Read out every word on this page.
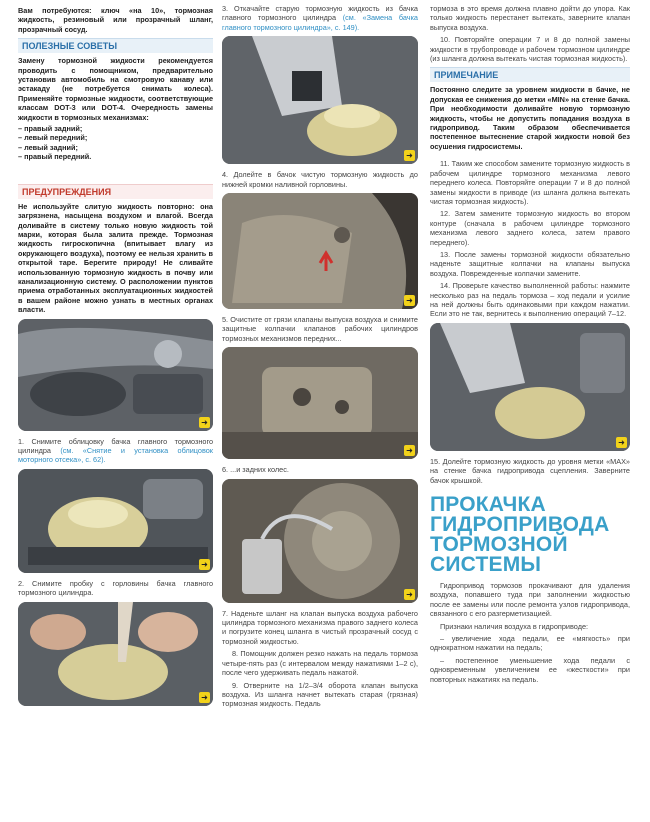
Вам потребуются: ключ «на 10», тормозная жидкость, резиновый или прозрачный шланг, прозрачный сосуд.

ПОЛЕЗНЫЕ СОВЕТЫ

Замену тормозной жидкости рекомендуется проводить с помощником, предварительно установив автомобиль на смотровую канаву или эстакаду (не потребуется снимать колеса). Применяйте тормозные жидкости, соответствующие классам DOT-3 или DOT-4. Очередность замены жидкости в тормозных механизмах:

– правый задний;

– левый передний;

– левый задний;

– правый передний.

ПРЕДУПРЕЖДЕНИЯ

Не используйте слитую жидкость повторно: она загрязнена, насыщена воздухом и влагой. Всегда доливайте в систему только новую жидкость той марки, которая была залита прежде. Тормозная жидкость гигроскопична (впитывает влагу из окружающего воздуха), поэтому ее нельзя хранить в открытой таре. Берегите природу! Не сливайте использованную тормозную жидкость в почву или канализационную систему. О расположении пунктов приема отработанных эксплуатационных жидкостей в вашем районе можно узнать в местных органах власти.

➜

1. Снимите облицовку бачка главного тормозного цилиндра (см. «Снятие и установка облицовок моторного отсека», с. 62).

➜

2. Снимите пробку с горловины бачка главного тормозного цилиндра.

➜

3. Откачайте старую тормозную жидкость из бачка главного тормозного цилиндра (см. «Замена бачка главного тормозного цилиндра», с. 149).

➜

4. Долейте в бачок чистую тормозную жидкость до нижней кромки наливной горловины.

➜

5. Очистите от грязи клапаны выпуска воздуха и снимите защитные колпачки клапанов рабочих цилиндров тормозных механизмов передних...

➜

6. ...и задних колес.

➜

7. Наденьте шланг на клапан выпуска воздуха рабочего цилиндра тормозного механизма правого заднего колеса и погрузите конец шланга в чистый прозрачный сосуд с тормозной жидкостью.

8. Помощник должен резко нажать на педаль тормоза четыре-пять раз (с интервалом между нажатиями 1–2 с), после чего удерживать педаль нажатой.

9. Отверните на 1/2–3/4 оборота клапан выпуска воздуха. Из шланга начнет вытекать старая (грязная) тормозная жидкость. Педаль

тормоза в это время должна плавно дойти до упора. Как только жидкость перестанет вытекать, заверните клапан выпуска воздуха.

10. Повторяйте операции 7 и 8 до полной замены жидкости в трубопроводе и рабочем тормозном цилиндре (из шланга должна вытекать чистая тормозная жидкость).

ПРИМЕЧАНИЕ

Постоянно следите за уровнем жидкости в бачке, не допуская ее снижения до метки «MIN» на стенке бачка. При необходимости доливайте новую тормозную жидкость, чтобы не допустить попадания воздуха в гидропривод. Таким образом обеспечивается постепенное вытеснение старой жидкости новой без осушения гидросистемы.

11. Таким же способом замените тормозную жидкость в рабочем цилиндре тормозного механизма левого переднего колеса. Повторяйте операции 7 и 8 до полной замены жидкости в приводе (из шланга должна вытекать чистая тормозная жидкость).

12. Затем замените тормозную жидкость во втором контуре (сначала в рабочем цилиндре тормозного механизма левого заднего колеса, затем правого переднего).

13. После замены тормозной жидкости обязательно наденьте защитные колпачки на клапаны выпуска воздуха. Поврежденные колпачки замените.

14. Проверьте качество выполненной работы: нажмите несколько раз на педаль тормоза – ход педали и усилие на ней должны быть одинаковыми при каждом нажатии. Если это не так, вернитесь к выполнению операций 7–12.

➜

15. Долейте тормозную жидкость до уровня метки «MAX» на стенке бачка гидропривода сцепления. Заверните бачок крышкой.

ПРОКАЧКА
ГИДРОПРИВОДА
ТОРМОЗНОЙ
СИСТЕМЫ

Гидропривод тормозов прокачивают для удаления воздуха, попавшего туда при заполнении жидкостью после ее замены или после ремонта узлов гидропривода, связанного с его разгерметизацией.

Признаки наличия воздуха в гидроприводе:

– увеличение хода педали, ее «мягкость» при однократном нажатии на педаль;

– постепенное уменьшение хода педали с одновременным увеличением ее «жесткости» при повторных нажатиях на педаль.
